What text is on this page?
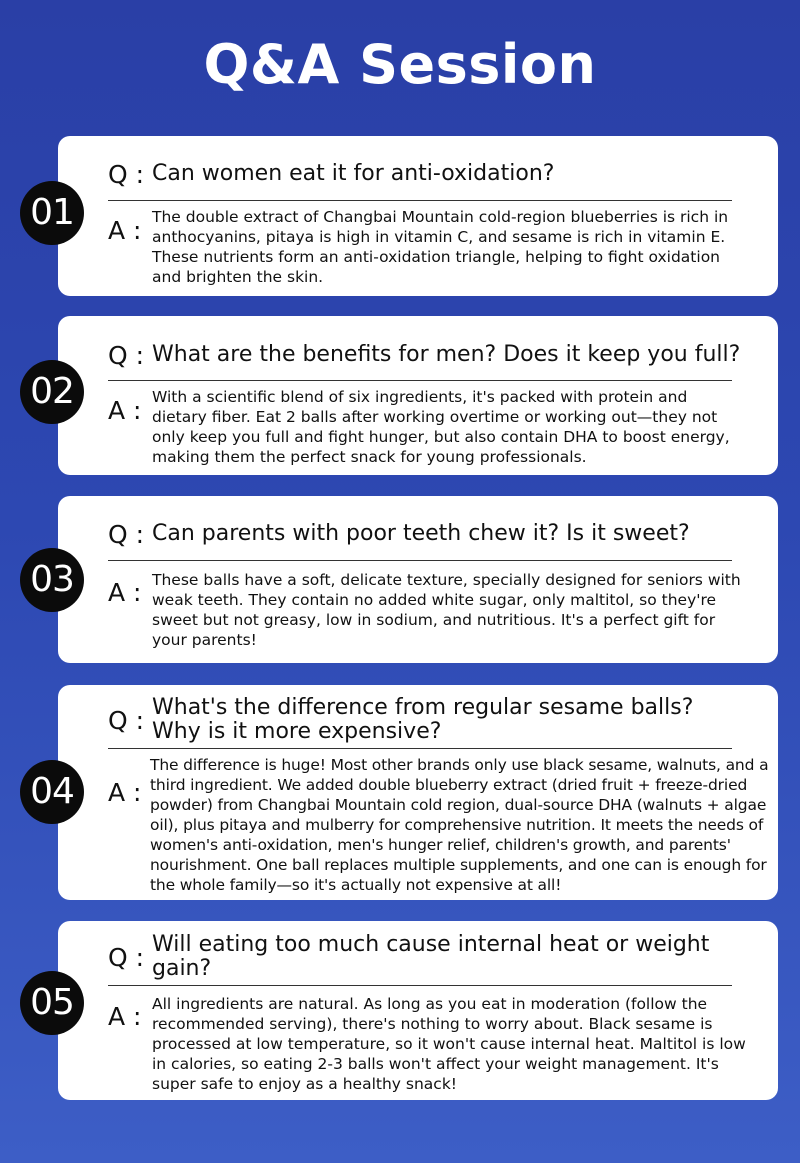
Q&A Session
01
Q : Can women eat it for anti-oxidation?
A : The double extract of Changbai Mountain cold-region blueberries is rich in anthocyanins, pitaya is high in vitamin C, and sesame is rich in vitamin E. These nutrients form an anti-oxidation triangle, helping to fight oxidation and brighten the skin.

02
Q : What are the benefits for men? Does it keep you full?
A : With a scientific blend of six ingredients, it's packed with protein and dietary fiber. Eat 2 balls after working overtime or working out—they not only keep you full and fight hunger, but also contain DHA to boost energy, making them the perfect snack for young professionals.

03
Q : Can parents with poor teeth chew it? Is it sweet?
A : These balls have a soft, delicate texture, specially designed for seniors with weak teeth. They contain no added white sugar, only maltitol, so they're sweet but not greasy, low in sodium, and nutritious. It's a perfect gift for your parents!

04
Q : What's the difference from regular sesame balls? Why is it more expensive?
A :

The difference is huge! Most other brands only use black sesame, walnuts, and a third ingredient. We added double blueberry extract (dried fruit + freeze-dried powder) from Changbai Mountain cold region, dual-source DHA (walnuts + algae oil), plus pitaya and mulberry for comprehensive nutrition. It meets the needs of women's anti-oxidation, men's hunger relief, children's growth, and parents' nourishment. One ball replaces multiple supplements, and one can is enough for the whole family—so it's actually not expensive at all!

05
Q : Will eating too much cause internal heat or weight gain?
A : All ingredients are natural. As long as you eat in moderation (follow the recommended serving), there's nothing to worry about. Black sesame is processed at low temperature, so it won't cause internal heat. Maltitol is low in calories, so eating 2-3 balls won't affect your weight management. It's super safe to enjoy as a healthy snack!
